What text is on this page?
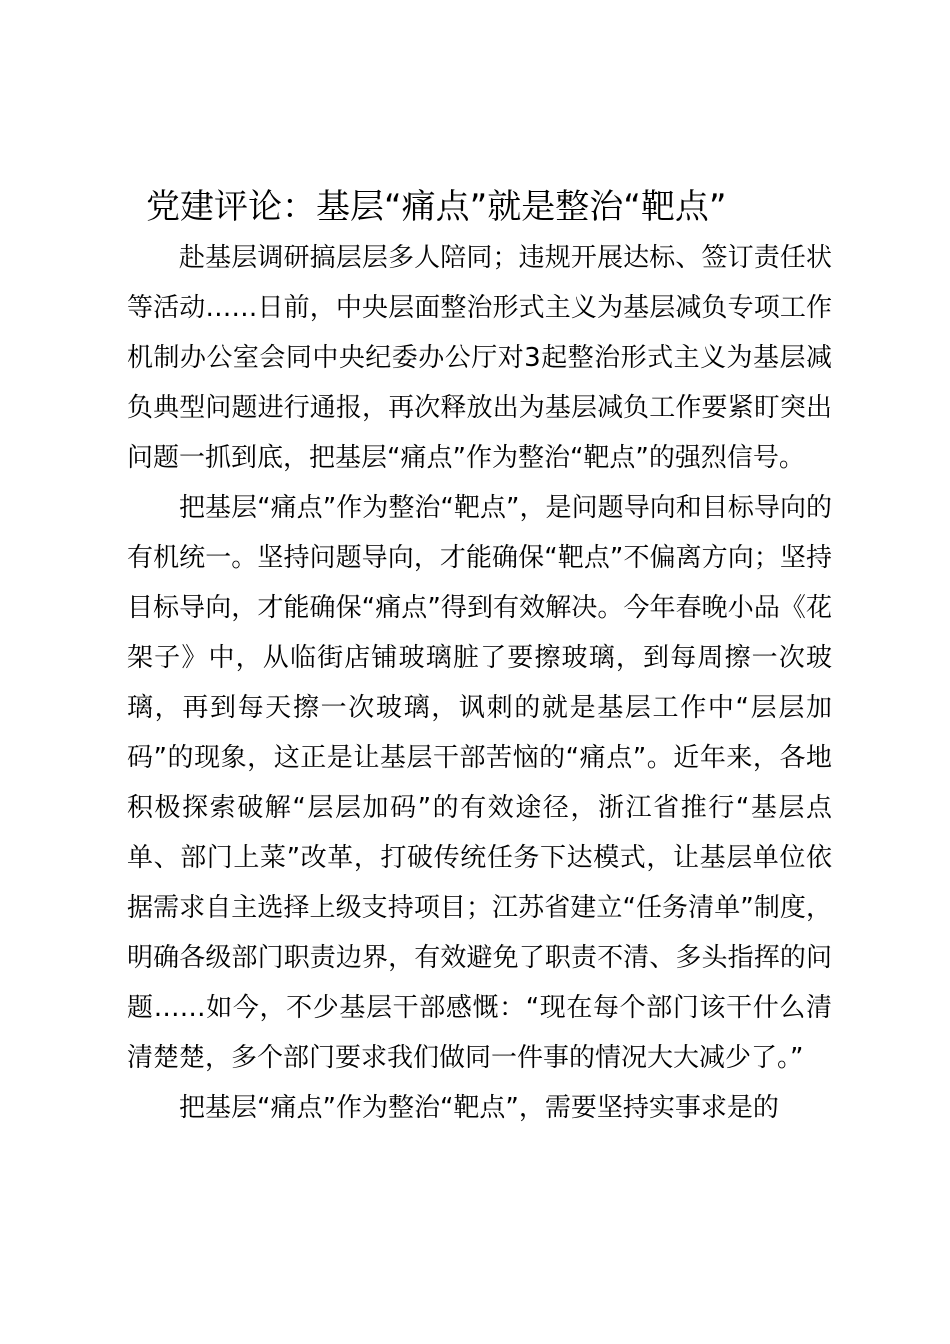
党建评论：基层“痛点”就是整治“靶点”

赴基层调研搞层层多人陪同；违规开展达标、签订责任状等活动……日前，中央层面整治形式主义为基层减负专项工作机制办公室会同中央纪委办公厅对3起整治形式主义为基层减负典型问题进行通报，再次释放出为基层减负工作要紧盯突出问题一抓到底，把基层“痛点”作为整治“靶点”的强烈信号。

把基层“痛点”作为整治“靶点”，是问题导向和目标导向的有机统一。坚持问题导向，才能确保“靶点”不偏离方向；坚持目标导向，才能确保“痛点”得到有效解决。今年春晚小品《花架子》中，从临街店铺玻璃脏了要擦玻璃，到每周擦一次玻璃，再到每天擦一次玻璃，讽刺的就是基层工作中“层层加码”的现象，这正是让基层干部苦恼的“痛点”。近年来，各地积极探索破解“层层加码”的有效途径，浙江省推行“基层点单、部门上菜”改革，打破传统任务下达模式，让基层单位依据需求自主选择上级支持项目；江苏省建立“任务清单”制度，明确各级部门职责边界，有效避免了职责不清、多头指挥的问题……如今，不少基层干部感慨：“现在每个部门该干什么清清楚楚，多个部门要求我们做同一件事的情况大大减少了。”

把基层“痛点”作为整治“靶点”，需要坚持实事求是的
